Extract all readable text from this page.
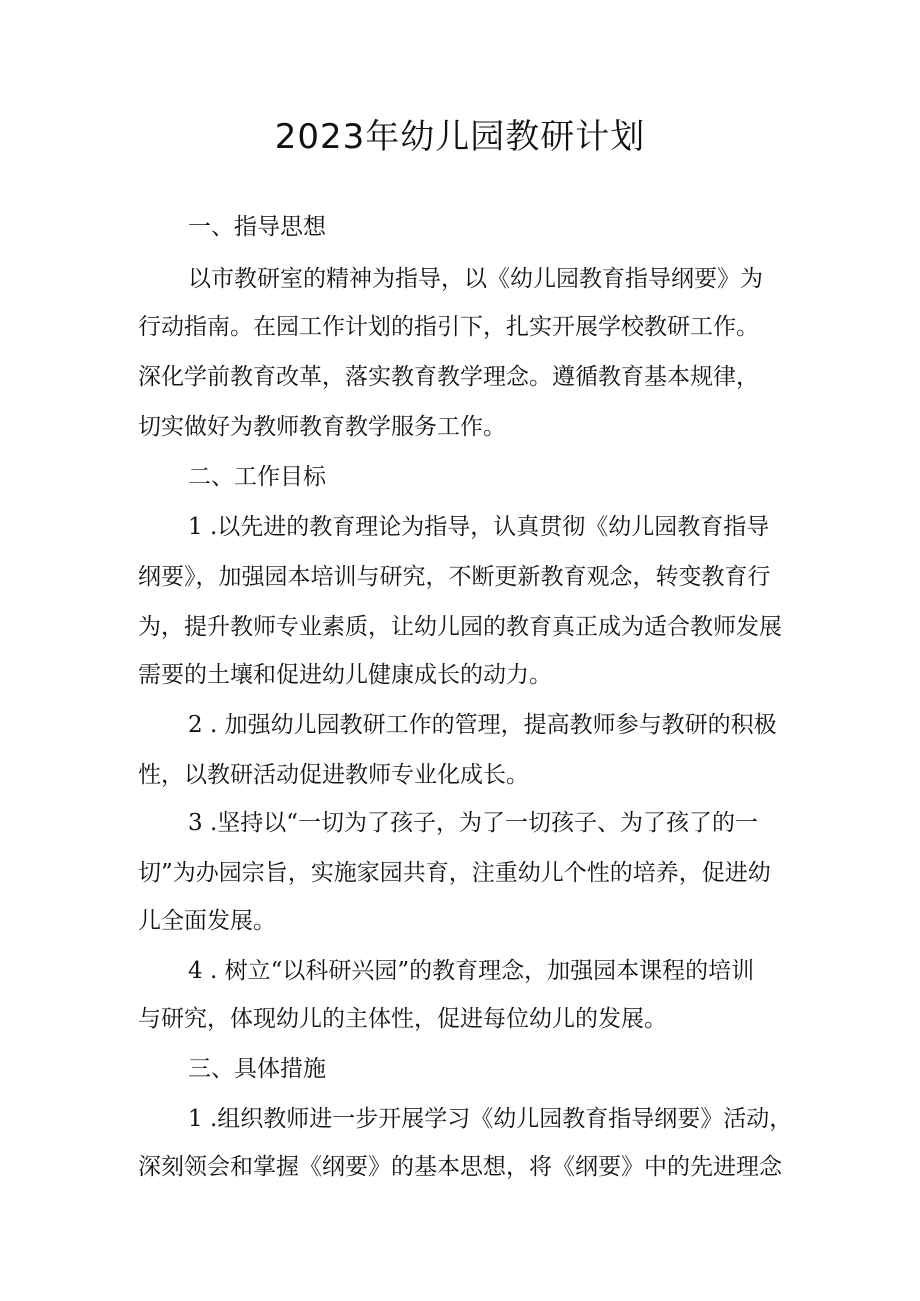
2023年幼儿园教研计划
一、指导思想
以市教研室的精神为指导，以《幼儿园教育指导纲要》为
行动指南。在园工作计划的指引下，扎实开展学校教研工作。
深化学前教育改革，落实教育教学理念。遵循教育基本规律，
切实做好为教师教育教学服务工作。
二、工作目标
1 .以先进的教育理论为指导，认真贯彻《幼儿园教育指导
纲要》，加强园本培训与研究，不断更新教育观念，转变教育行
为，提升教师专业素质，让幼儿园的教育真正成为适合教师发展
需要的土壤和促进幼儿健康成长的动力。
2 . 加强幼儿园教研工作的管理，提高教师参与教研的积极
性，以教研活动促进教师专业化成长。
3 .坚持以“一切为了孩子，为了一切孩子、为了孩了的一
切”为办园宗旨，实施家园共育，注重幼儿个性的培养，促进幼
儿全面发展。
4 . 树立“以科研兴园”的教育理念，加强园本课程的培训
与研究，体现幼儿的主体性，促进每位幼儿的发展。
三、具体措施
1 .组织教师进一步开展学习《幼儿园教育指导纲要》活动，
深刻领会和掌握《纲要》的基本思想，将《纲要》中的先进理念
